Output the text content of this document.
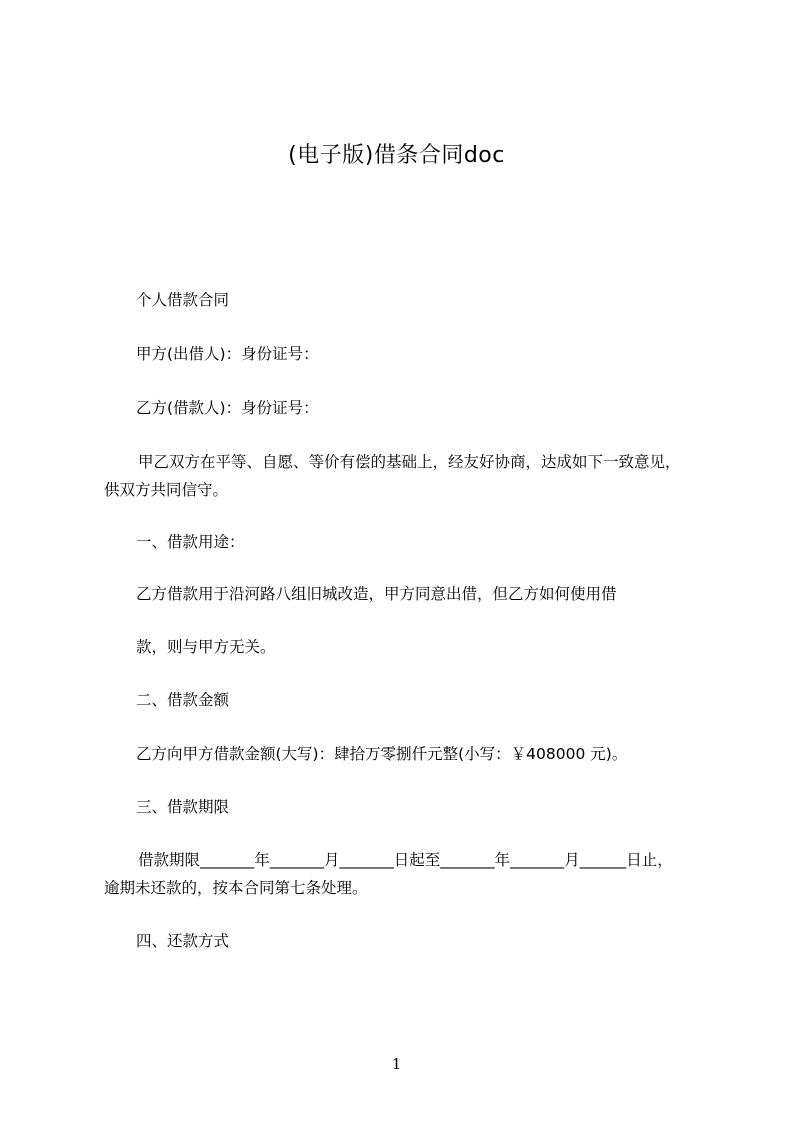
(电子版)借条合同doc
个人借款合同
甲方(出借人)：身份证号：
乙方(借款人)：身份证号：
甲乙双方在平等、自愿、等价有偿的基础上，经友好协商，达成如下一致意见，
供双方共同信守。
一、借款用途：
乙方借款用于沿河路八组旧城改造，甲方同意出借，但乙方如何使用借
款，则与甲方无关。
二、借款金额
乙方向甲方借款金额(大写)：肆拾万零捌仟元整(小写：￥408000 元)。
三、借款期限
借款期限_______年_______月_______日起至_______年_______月______日止，
逾期未还款的，按本合同第七条处理。
四、还款方式
1
